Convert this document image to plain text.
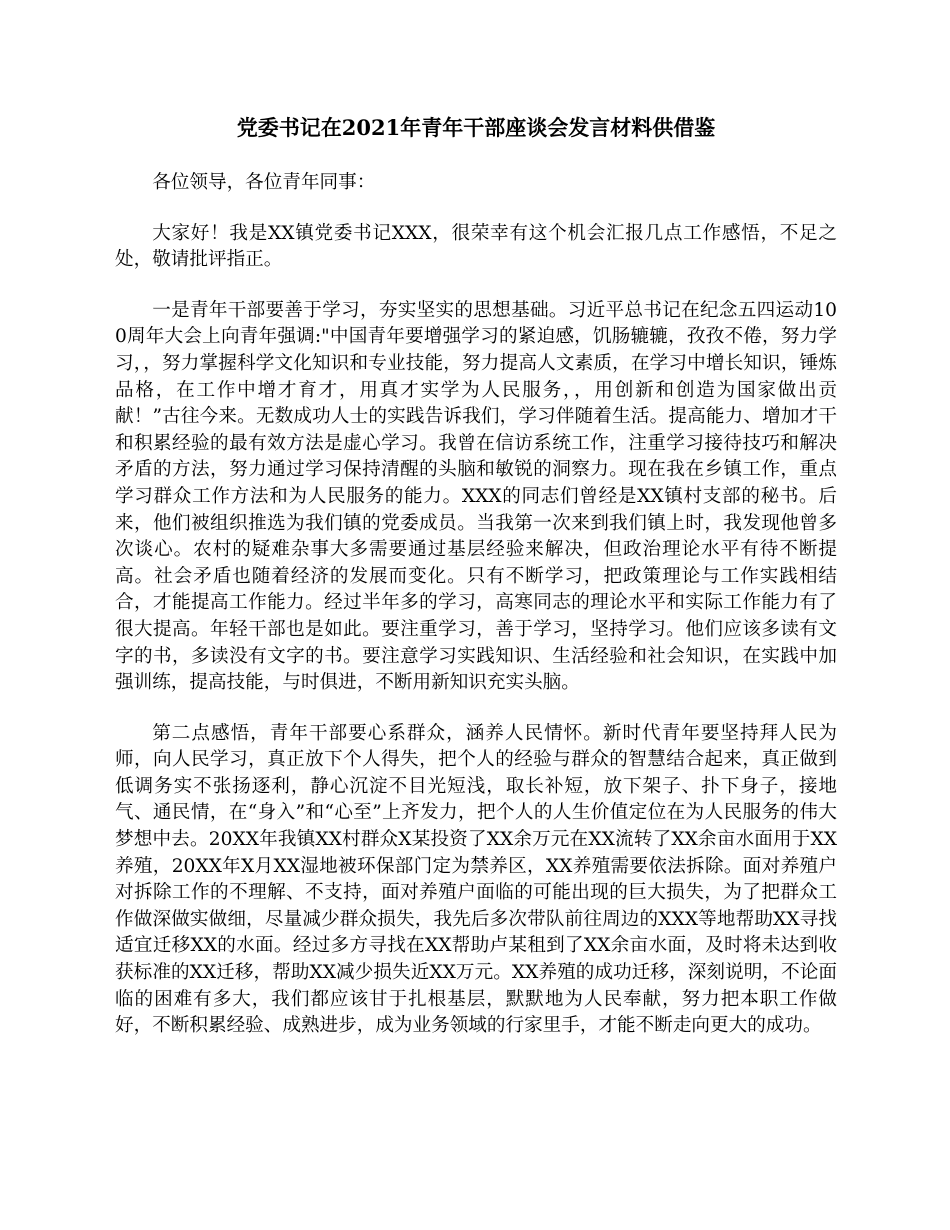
党委书记在2021年青年干部座谈会发言材料供借鉴

各位领导，各位青年同事：

大家好！我是XX镇党委书记XXX，很荣幸有这个机会汇报几点工作感悟，不足之处，敬请批评指正。

一是青年干部要善于学习，夯实坚实的思想基础。习近平总书记在纪念五四运动100周年大会上向青年强调:"中国青年要增强学习的紧迫感，饥肠辘辘，孜孜不倦，努力学习，，努力掌握科学文化知识和专业技能，努力提高人文素质，在学习中增长知识，锤炼品格，在工作中增才育才，用真才实学为人民服务，，用创新和创造为国家做出贡献！”古往今来。无数成功人士的实践告诉我们，学习伴随着生活。提高能力、增加才干和积累经验的最有效方法是虚心学习。我曾在信访系统工作，注重学习接待技巧和解决矛盾的方法，努力通过学习保持清醒的头脑和敏锐的洞察力。现在我在乡镇工作，重点学习群众工作方法和为人民服务的能力。XXX的同志们曾经是XX镇村支部的秘书。后来，他们被组织推选为我们镇的党委成员。当我第一次来到我们镇上时，我发现他曾多次谈心。农村的疑难杂事大多需要通过基层经验来解决，但政治理论水平有待不断提高。社会矛盾也随着经济的发展而变化。只有不断学习，把政策理论与工作实践相结合，才能提高工作能力。经过半年多的学习，高寒同志的理论水平和实际工作能力有了很大提高。年轻干部也是如此。要注重学习，善于学习，坚持学习。他们应该多读有文字的书，多读没有文字的书。要注意学习实践知识、生活经验和社会知识，在实践中加强训练，提高技能，与时俱进，不断用新知识充实头脑。

第二点感悟，青年干部要心系群众，涵养人民情怀。新时代青年要坚持拜人民为师，向人民学习，真正放下个人得失，把个人的经验与群众的智慧结合起来，真正做到低调务实不张扬逐利，静心沉淀不目光短浅，取长补短，放下架子、扑下身子，接地气、通民情，在“身入”和“心至”上齐发力，把个人的人生价值定位在为人民服务的伟大梦想中去。20XX年我镇XX村群众X某投资了XX余万元在XX流转了XX余亩水面用于XX养殖，20XX年X月XX湿地被环保部门定为禁养区，XX养殖需要依法拆除。面对养殖户对拆除工作的不理解、不支持，面对养殖户面临的可能出现的巨大损失，为了把群众工作做深做实做细，尽量减少群众损失，我先后多次带队前往周边的XXX等地帮助XX寻找适宜迁移XX的水面。经过多方寻找在XX帮助卢某租到了XX余亩水面，及时将未达到收获标准的XX迁移，帮助XX减少损失近XX万元。XX养殖的成功迁移，深刻说明，不论面临的困难有多大，我们都应该甘于扎根基层，默默地为人民奉献，努力把本职工作做好，不断积累经验、成熟进步，成为业务领域的行家里手，才能不断走向更大的成功。
